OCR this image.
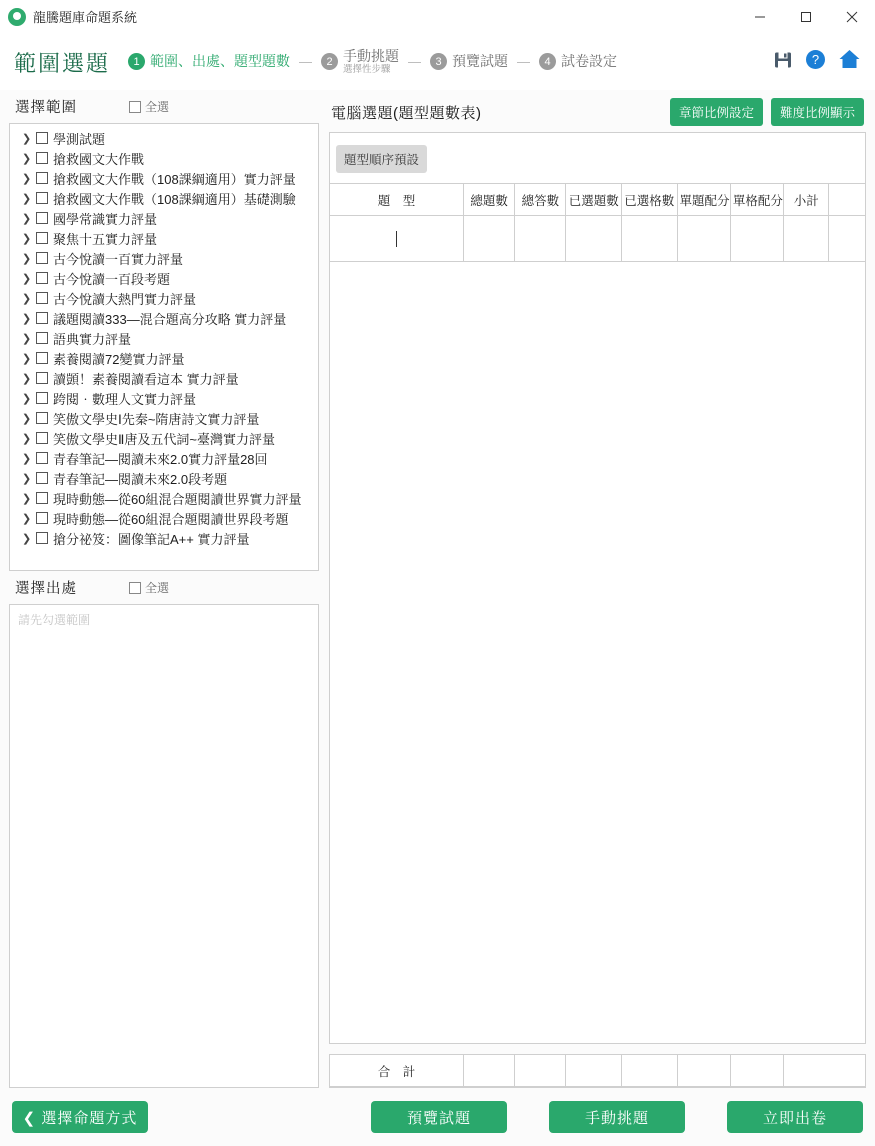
龍騰題庫命題系統
範圍選題	1 範圍、出處、題型題數 —	2 手動挑題
選擇性步驟
—	3 預覽試題 —	4 試卷設定	?
選擇範圍	全選
❯ 學測試題
❯ 搶救國文大作戰
❯ 搶救國文大作戰（108課綱適用）實力評量
❯ 搶救國文大作戰（108課綱適用）基礎測驗
❯ 國學常識實力評量
❯ 聚焦十五實力評量
❯ 古今悅讀一百實力評量
❯ 古今悅讀一百段考題
❯ 古今悅讀大熱門實力評量
❯ 議題閱讀333—混合題高分攻略 實力評量
❯ 語典實力評量
❯ 素養閱讀72變實力評量
❯ 讀顗！素養閱讀看這本 實力評量
❯ 跨閱‧數理人文實力評量
❯ 笑傲文學史Ⅰ先秦~隋唐詩文實力評量
❯ 笑傲文學史Ⅱ唐及五代詞~臺灣實力評量
❯ 青春筆記—閱讀未來2.0實力評量28回
❯ 青春筆記—閱讀未來2.0段考題
❯ 現時動態—從60組混合題閱讀世界實力評量
❯ 現時動態—從60組混合題閱讀世界段考題
❯ 搶分祕笈：圖像筆記A++ 實力評量
選擇出處	全選
請先勾選範圍
電腦選題(題型題數表)	章節比例設定	難度比例顯示
題型順序預設
題　型	總題數	總答數	已選題數	已選格數	單題配分	單格配分	小計	

合　計							
❮ 選擇命題方式	預覽試題	手動挑題	立即出卷
